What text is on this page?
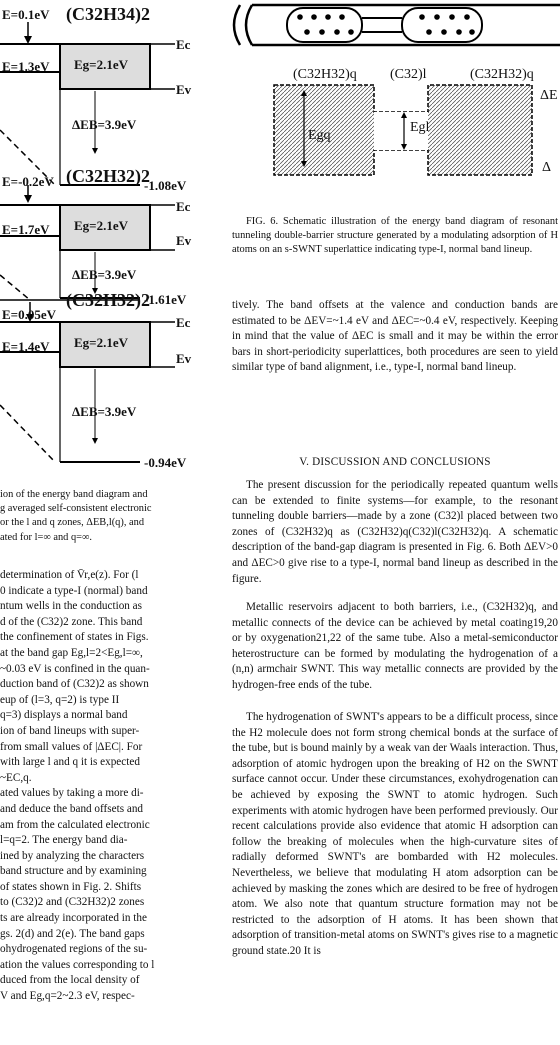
E=0.1eV (C32H34)2
E=1.3eV Eg=2.1eV
Ec
Ev
ΔEB=3.9eV
-1.08eV
E=-0.2eV (C32H32)2
E=1.7eV Eg=2.1eV
Ec
Ev
ΔEB=3.9eV
-1.61eV
E=0.05eV
(C32H32)2
E=1.4eV Eg=2.1eV
Ec
Ev
ΔEB=3.9eV
-0.94eV
ion of the energy band diagram and
g averaged self-consistent electronic
or the l and q zones, ΔEB,l(q), and
ated for l=∞ and q=∞.
determination of V̄r,e(z). For (l
0 indicate a type-I (normal) band
ntum wells in the conduction as
d of the (C32)2 zone. This band
the confinement of states in Figs.
at the band gap Eg,l=2<Eg,l=∞,
~0.03 eV is confined in the quan-
duction band of (C32)2 as shown
eup of (l=3, q=2) is type II
q=3) displays a normal band
ion of band lineups with super-
from small values of |ΔEC|. For
with large l and q it is expected
~EC,q.
ated values by taking a more di-
and deduce the band offsets and
am from the calculated electronic
l=q=2. The energy band dia-
ined by analyzing the characters
band structure and by examining
of states shown in Fig. 2. Shifts
to (C32)2 and (C32H32)2 zones
ts are already incorporated in the
gs. 2(d) and 2(e). The band gaps
ohydrogenated regions of the su-
ation the values corresponding to l
duced from the local density of
V and Eg,q=2~2.3 eV, respec-
(C32H32)q (C32)l	(C32H32)q
Egq
Egl
ΔE
Δ
FIG. 6. Schematic illustration of the energy band diagram of resonant tunneling double-barrier structure generated by a modulating adsorption of H atoms on an s-SWNT superlattice indicating type-I, normal band lineup.

tively. The band offsets at the valence and conduction bands are estimated to be ΔEV=~1.4 eV and ΔEC=~0.4 eV, respectively. Keeping in mind that the value of ΔEC is small and it may be within the error bars in short-periodicity superlattices, both procedures are seen to yield similar type of band alignment, i.e., type-I, normal band lineup.

V. DISCUSSION AND CONCLUSIONS

The present discussion for the periodically repeated quantum wells can be extended to finite systems—for example, to the resonant tunneling double barriers—made by a zone (C32)l placed between two zones of (C32H32)q as (C32H32)q(C32)l(C32H32)q. A schematic description of the band-gap diagram is presented in Fig. 6. Both ΔEV>0 and ΔEC>0 give rise to a type-I, normal band lineup as described in the figure.

Metallic reservoirs adjacent to both barriers, i.e., (C32H32)q, and metallic connects of the device can be achieved by metal coating19,20 or by oxygenation21,22 of the same tube. Also a metal-semiconductor heterostructure can be formed by modulating the hydrogenation of a (n,n) armchair SWNT. This way metallic connects are provided by the hydrogen-free ends of the tube.

The hydrogenation of SWNT's appears to be a difficult process, since the H2 molecule does not form strong chemical bonds at the surface of the tube, but is bound mainly by a weak van der Waals interaction. Thus, adsorption of atomic hydrogen upon the breaking of H2 on the SWNT surface cannot occur. Under these circumstances, exohydrogenation can be achieved by exposing the SWNT to atomic hydrogen. Such experiments with atomic hydrogen have been performed previously. Our recent calculations provide also evidence that atomic H adsorption can follow the breaking of molecules when the high-curvature sites of radially deformed SWNT's are bombarded with H2 molecules. Nevertheless, we believe that modulating H atom adsorption can be achieved by masking the zones which are desired to be free of hydrogen atom. We also note that quantum structure formation may not be restricted to the adsorption of H atoms. It has been shown that adsorption of transition-metal atoms on SWNT's gives rise to a magnetic ground state.20 It is
